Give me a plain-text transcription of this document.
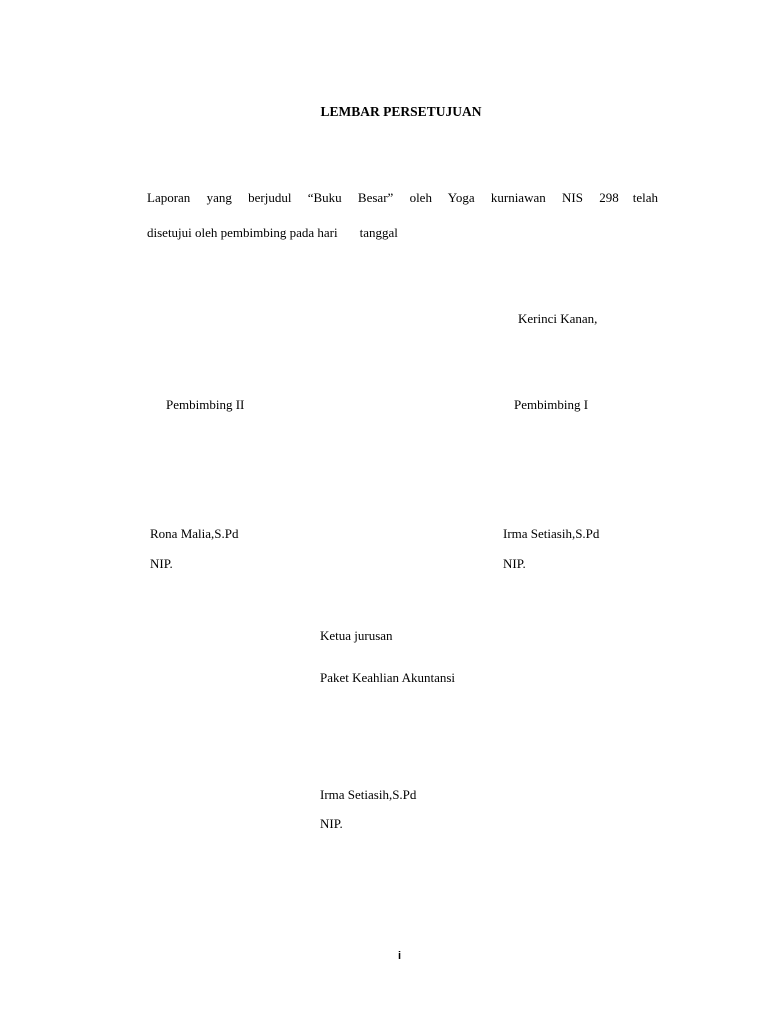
LEMBAR PERSETUJUAN
Laporan yang berjudul “Buku Besar” oleh Yoga kurniawan NIS 298 telah
disetujui oleh pembimbing pada hari tanggal
Kerinci Kanan,
Pembimbing II	Pembimbing I
Rona Malia,S.Pd
NIP.
Irma Setiasih,S.Pd
NIP.
Ketua jurusan
Paket Keahlian Akuntansi
Irma Setiasih,S.Pd
NIP.
i
